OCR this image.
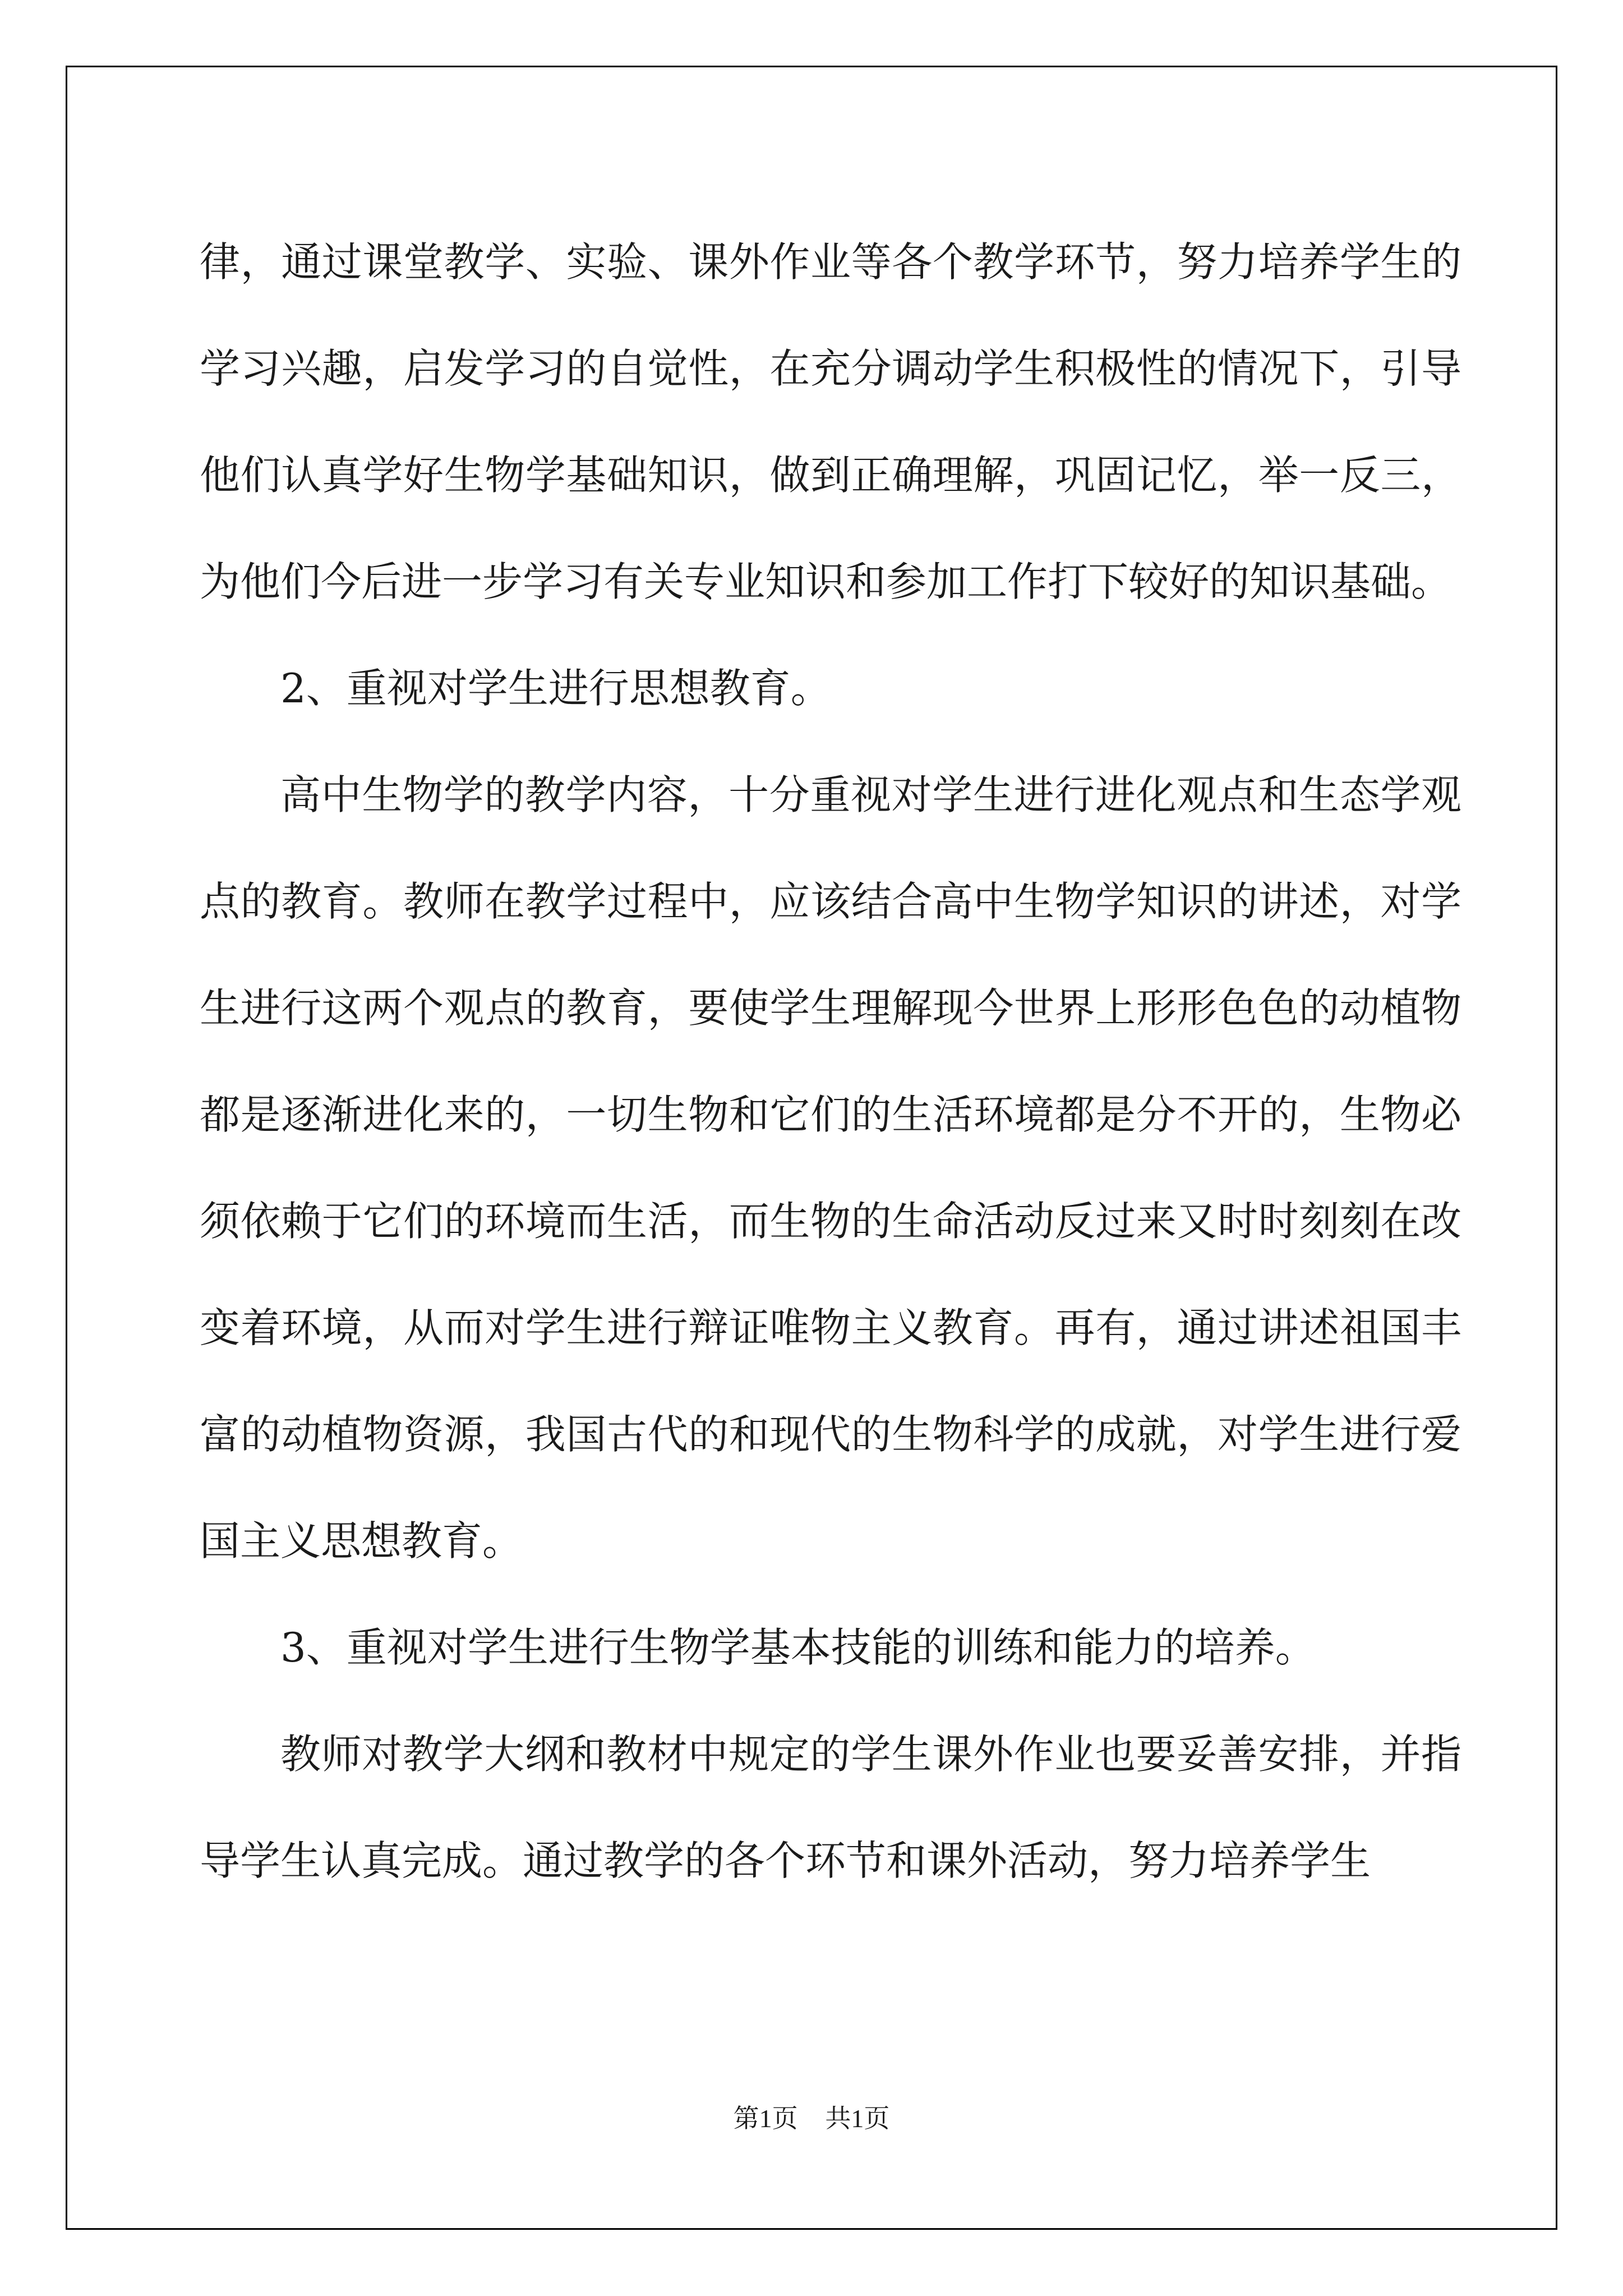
律，通过课堂教学、实验、课外作业等各个教学环节，努力培养学生的学习兴趣，启发学习的自觉性，在充分调动学生积极性的情况下，引导他们认真学好生物学基础知识，做到正确理解，巩固记忆，举一反三，为他们今后进一步学习有关专业知识和参加工作打下较好的知识基础。

2、重视对学生进行思想教育。

高中生物学的教学内容，十分重视对学生进行进化观点和生态学观点的教育。教师在教学过程中，应该结合高中生物学知识的讲述，对学生进行这两个观点的教育，要使学生理解现今世界上形形色色的动植物都是逐渐进化来的，一切生物和它们的生活环境都是分不开的，生物必须依赖于它们的环境而生活，而生物的生命活动反过来又时时刻刻在改变着环境，从而对学生进行辩证唯物主义教育。再有，通过讲述祖国丰富的动植物资源，我国古代的和现代的生物科学的成就，对学生进行爱国主义思想教育。

3、重视对学生进行生物学基本技能的训练和能力的培养。

教师对教学大纲和教材中规定的学生课外作业也要妥善安排，并指导学生认真完成。通过教学的各个环节和课外活动，努力培养学生

第1页 共1页
